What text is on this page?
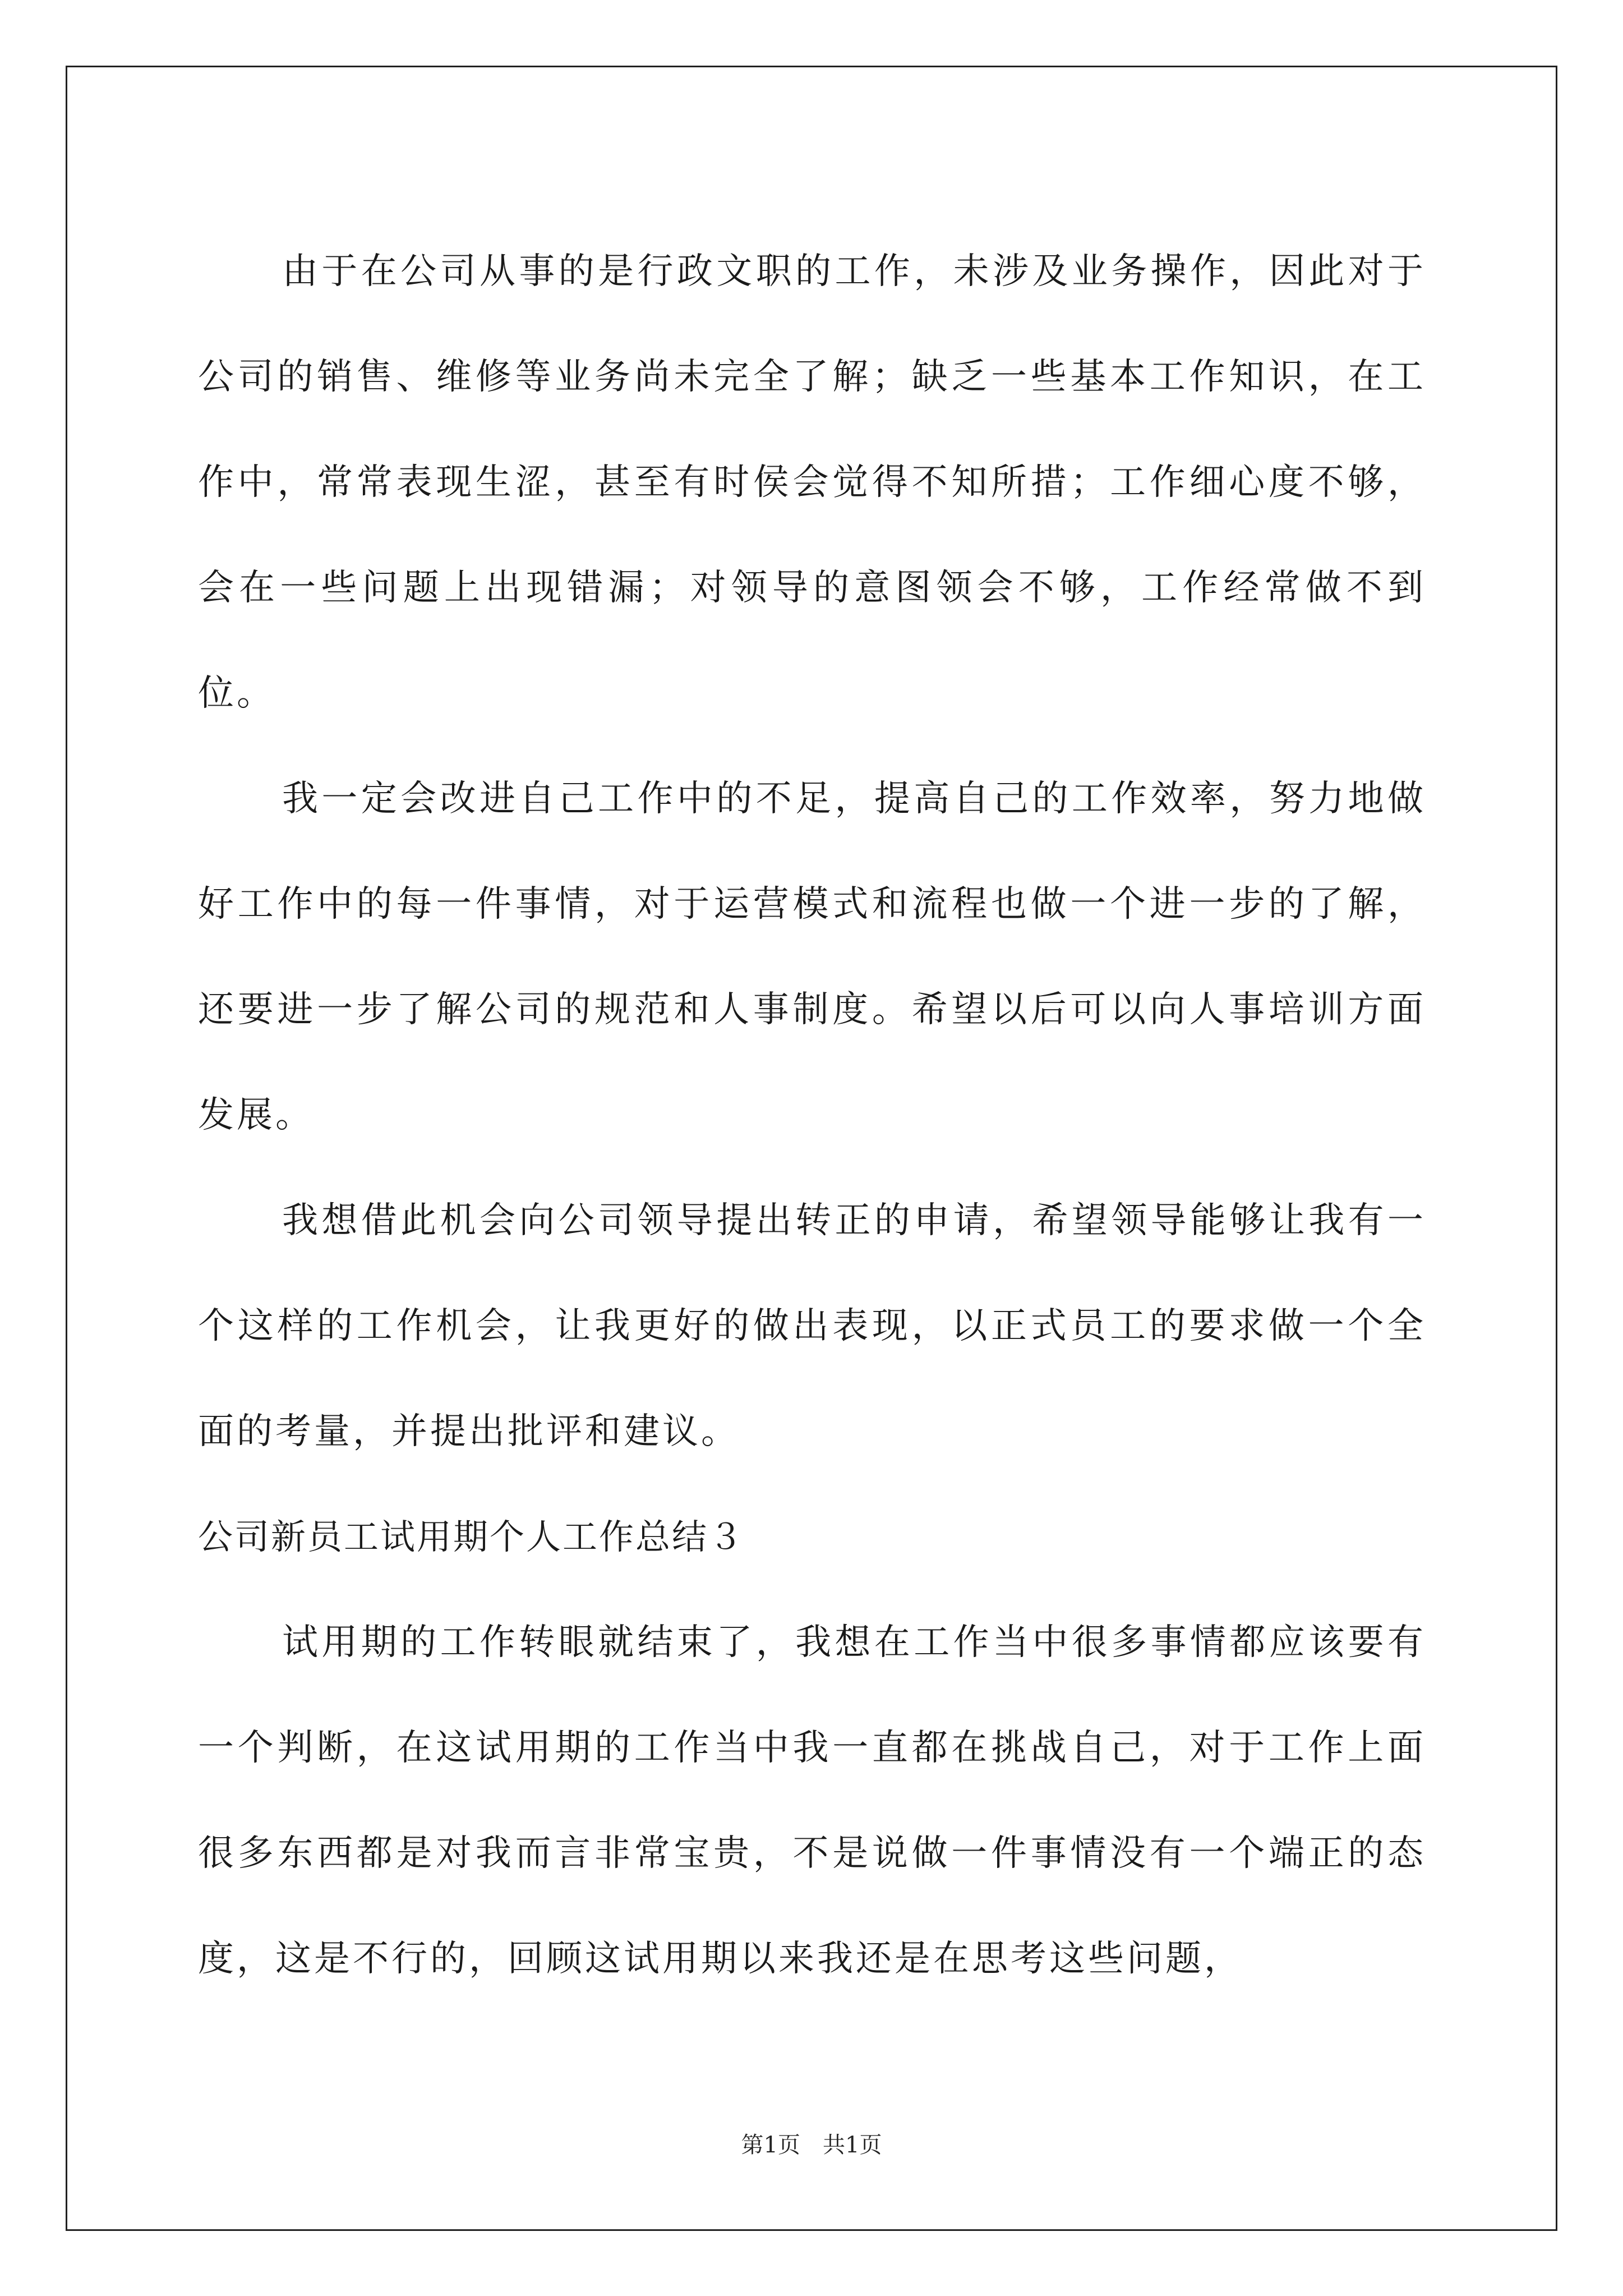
由于在公司从事的是行政文职的工作，未涉及业务操作，因此对于公司的销售、维修等业务尚未完全了解；缺乏一些基本工作知识，在工作中，常常表现生涩，甚至有时侯会觉得不知所措；工作细心度不够，会在一些问题上出现错漏；对领导的意图领会不够，工作经常做不到位。

我一定会改进自己工作中的不足，提高自己的工作效率，努力地做好工作中的每一件事情，对于运营模式和流程也做一个进一步的了解，还要进一步了解公司的规范和人事制度。希望以后可以向人事培训方面发展。

我想借此机会向公司领导提出转正的申请，希望领导能够让我有一个这样的工作机会，让我更好的做出表现，以正式员工的要求做一个全面的考量，并提出批评和建议。

公司新员工试用期个人工作总结３

试用期的工作转眼就结束了，我想在工作当中很多事情都应该要有一个判断，在这试用期的工作当中我一直都在挑战自己，对于工作上面很多东西都是对我而言非常宝贵，不是说做一件事情没有一个端正的态度，这是不行的，回顾这试用期以来我还是在思考这些问题，

第1页　共1页
